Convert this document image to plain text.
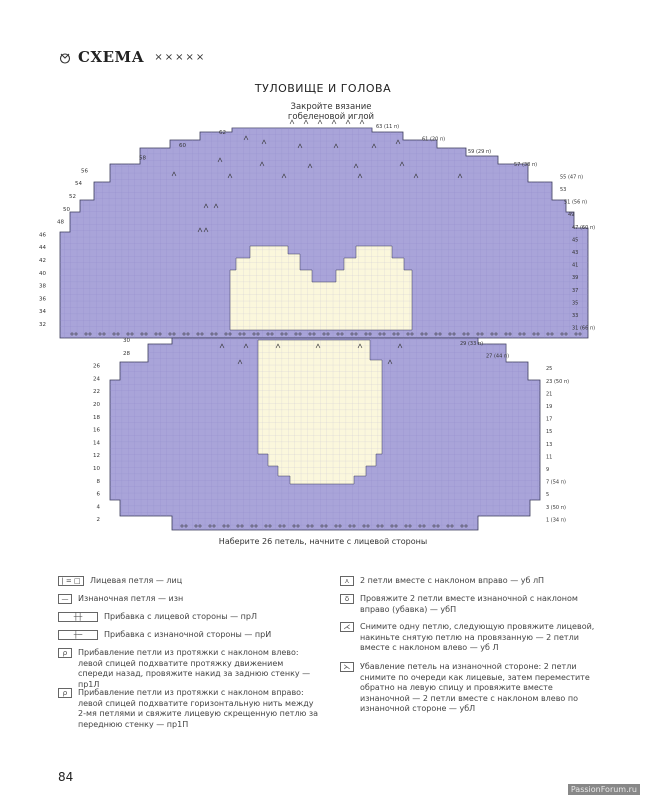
СХЕМА ×××××
ТУЛОВИЩЕ И ГОЛОВА
Закройте вязание гобеленовой иглой
62
60
58
56
54
52
50
48
46
44
42
40
38
36
34
32
63 (11 п)
61 (20 п)
59 (29 п)
57 (38 п)
55 (47 п)
53
51 (56 п)
49
47 (60 п)
45
43
41
39
37
35
33
31 (66 п)
30
28
26
24
22
20
18
16
14
12
10
8
6
4
2
29 (33 п)
27 (44 п)
25
23 (50 п)
21
19
17
15
13
11
9
7 (54 п)
5
3 (50 п)
1 (34 п)
Наберите 26 петель, начните с лицевой стороны
| = □	Лицевая петля — лиц
—	Изнаночная петля — изн
┼┼	Прибавка с лицевой стороны — прЛ
┼─	Прибавка с изнаночной стороны — прИ
ρ	Прибавление петли из протяжки с наклоном влево: левой спицей подхватите протяжку движением спереди назад, провяжите накид за заднюю стенку — пр1Л
ρ	Прибавление петли из протяжки с наклоном вправо: левой спицей подхватите горизонтальную нить между 2-мя петлями и свяжите лицевую скрещенную петлю за переднюю стенку — пр1П
⋏	2 петли вместе с наклоном вправо — уб лП
δ	Провяжите 2 петли вместе изнаночной с наклоном вправо (убавка) — убП
⋌	Снимите одну петлю, следующую провяжите лицевой, накиньте снятую петлю на провязанную — 2 петли вместе с наклоном влево — уб Л
⋋	Убавление петель на изнаночной стороне: 2 петли снимите по очереди как лицевые, затем переместите обратно на левую спицу и провяжите вместе изнаночной — 2 петли вместе с наклоном влево по изнаночной стороне — убЛ
84
PassionForum.ru
